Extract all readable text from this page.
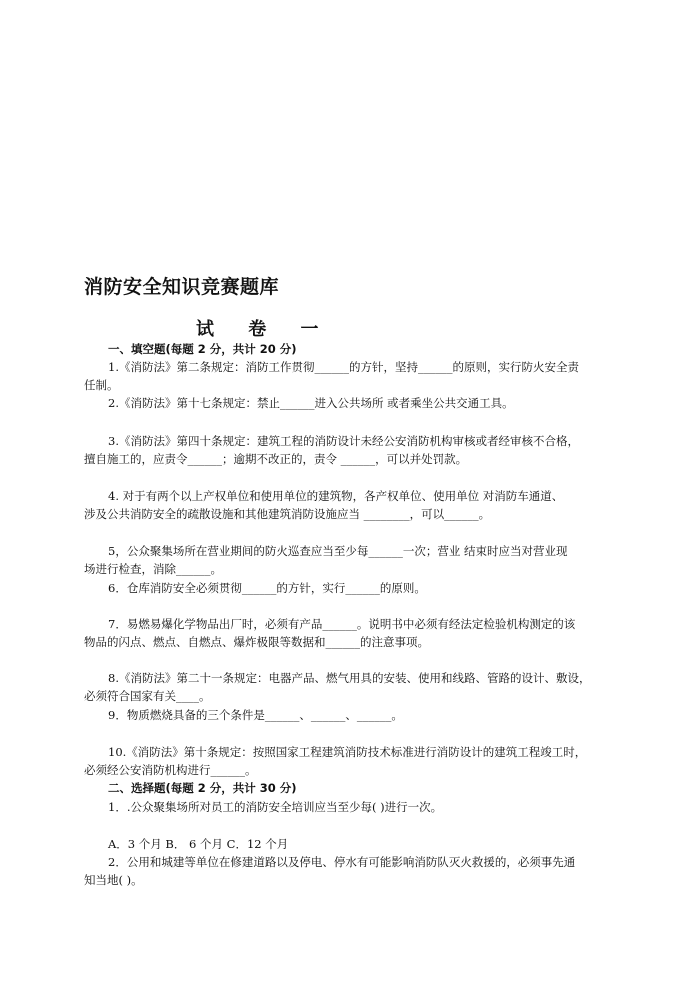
消防安全知识竞赛题库
试 卷 一
一、填空题(每题 2 分，共计 20 分)
1.《消防法》第二条规定：消防工作贯彻______的方针，坚持______的原则，实行防火安全责
任制。
2.《消防法》第十七条规定：禁止______进入公共场所 或者乘坐公共交通工具。
3.《消防法》第四十条规定：建筑工程的消防设计未经公安消防机构审核或者经审核不合格，
擅自施工的，应责令______；逾期不改正的，责令 ______，可以并处罚款。
4. 对于有两个以上产权单位和使用单位的建筑物，各产权单位、使用单位 对消防车通道、
涉及公共消防安全的疏散设施和其他建筑消防设施应当 ________，可以______。
5，公众聚集场所在营业期间的防火巡查应当至少每______一次；营业 结束时应当对营业现
场进行检查，消除______。
6．仓库消防安全必须贯彻______的方针，实行______的原则。
7．易燃易爆化学物品出厂时，必须有产品______。说明书中必须有经法定检验机构测定的该
物品的闪点、燃点、自燃点、爆炸极限等数据和______的注意事项。
8.《消防法》第二十一条规定：电器产品、燃气用具的安装、使用和线路、管路的设计、敷设，
必须符合国家有关____。
9．物质燃烧具备的三个条件是______、______、______。
10.《消防法》第十条规定：按照国家工程建筑消防技术标准进行消防设计的建筑工程竣工时，
必须经公安消防机构进行______。
二、选择题(每题 2 分，共计 30 分)
1．.公众聚集场所对员工的消防安全培训应当至少每( )进行一次。
A．3 个月 B． 6 个月 C．12 个月
2．公用和城建等单位在修建道路以及停电、停水有可能影响消防队灭火救援的，必须事先通
知当地( )。
